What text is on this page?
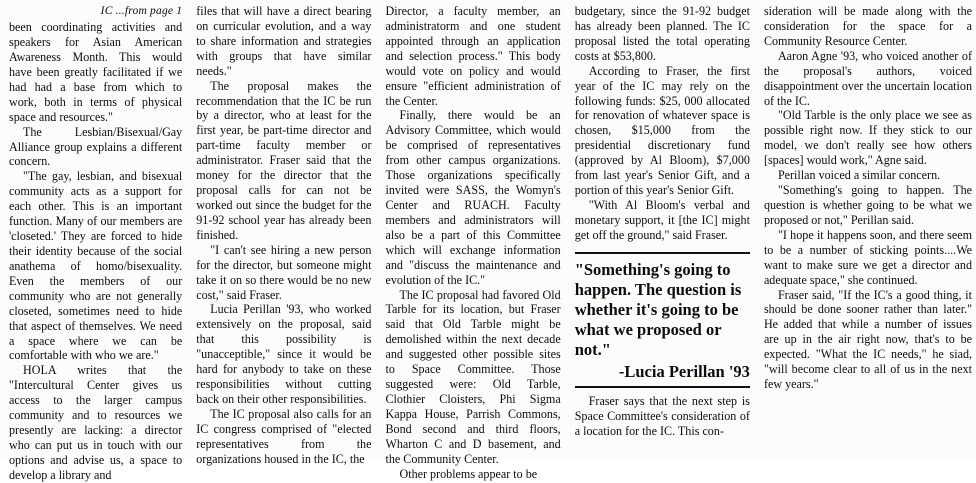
IC ...from page 1

been coordinating activities and speakers for Asian American Awareness Month. This would have been greatly facilitated if we had had a base from which to work, both in terms of physical space and resources."

The Lesbian/Bisexual/Gay Alliance group explains a different concern.

"The gay, lesbian, and bisexual community acts as a support for each other. This is an important function. Many of our members are 'closeted.' They are forced to hide their identity because of the social anathema of homo/bisexuality. Even the members of our community who are not generally closeted, sometimes need to hide that aspect of themselves. We need a space where we can be comfortable with who we are."

HOLA writes that the "Intercultural Center gives us access to the larger campus community and to resources we presently are lacking: a director who can put us in touch with our options and advise us, a space to develop a library and

files that will have a direct bearing on curricular evolution, and a way to share information and strategies with groups that have similar needs."

The proposal makes the recommendation that the IC be run by a director, who at least for the first year, be part-time director and part-time faculty member or administrator. Fraser said that the money for the director that the proposal calls for can not be worked out since the budget for the 91-92 school year has already been finished.

"I can't see hiring a new person for the director, but someone might take it on so there would be no new cost," said Fraser.

Lucia Perillan '93, who worked extensively on the proposal, said that this possibility is "unacceptible," since it would be hard for anybody to take on these responsibilities without cutting back on their other responsibilities.

The IC proposal also calls for an IC congress comprised of "elected representatives from the organizations housed in the IC, the

Director, a faculty member, an administratorm and one student appointed through an application and selection process." This body would vote on policy and would ensure "efficient administration of the Center.

Finally, there would be an Advisory Committee, which would be comprised of representatives from other campus organizations. Those organizations specifically invited were SASS, the Womyn's Center and RUACH. Faculty members and administrators will also be a part of this Committee which will exchange information and "discuss the maintenance and evolution of the IC."

The IC proposal had favored Old Tarble for its location, but Fraser said that Old Tarble might be demolished within the next decade and suggested other possible sites to Space Committee. Those suggested were: Old Tarble, Clothier Cloisters, Phi Sigma Kappa House, Parrish Commons, Bond second and third floors, Wharton C and D basement, and the Community Center.

Other problems appear to be

budgetary, since the 91-92 budget has already been planned. The IC proposal listed the total operating costs at $53,800.

According to Fraser, the first year of the IC may rely on the following funds: $25, 000 allocated for renovation of whatever space is chosen, $15,000 from the presidential discretionary fund (approved by Al Bloom), $7,000 from last year's Senior Gift, and a portion of this year's Senior Gift.

"With Al Bloom's verbal and monetary support, it [the IC] might get off the ground," said Fraser.

"Something's going to happen. The question is whether it's going to be what we proposed or not."
-Lucia Perillan '93

Fraser says that the next step is Space Committee's consideration of a location for the IC. This con-

sideration will be made along with the consideration for the space for a Community Resource Center.

Aaron Agne '93, who voiced another of the proposal's authors, voiced disappointment over the uncertain location of the IC.

"Old Tarble is the only place we see as possible right now. If they stick to our model, we don't really see how others [spaces] would work," Agne said.

Perillan voiced a similar concern.

"Something's going to happen. The question is whether going to be what we proposed or not," Perillan said.

"I hope it happens soon, and there seem to be a number of sticking points....We want to make sure we get a director and adequate space," she continued.

Fraser said, "If the IC's a good thing, it should be done sooner rather than later." He added that while a number of issues are up in the air right now, that's to be expected. "What the IC needs," he siad, "will become clear to all of us in the next few years."
